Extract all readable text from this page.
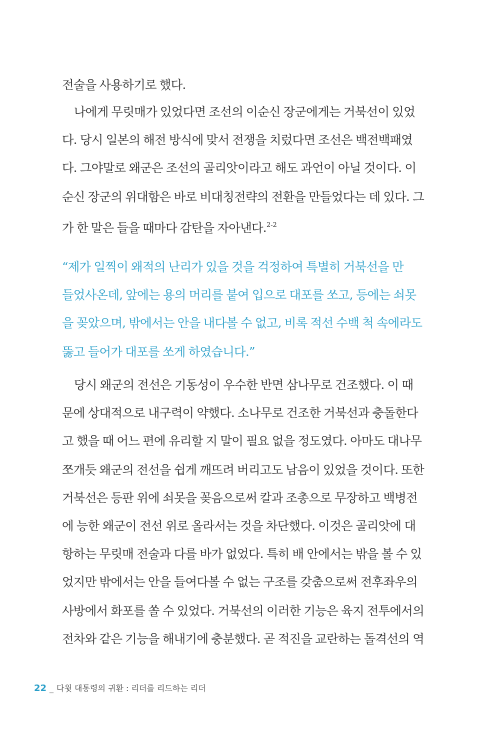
전술을 사용하기로 했다.
나에게 무릿매가 있었다면 조선의 이순신 장군에게는 거북선이 있었
다. 당시 일본의 해전 방식에 맞서 전쟁을 치렀다면 조선은 백전백패였
다. 그야말로 왜군은 조선의 골리앗이라고 해도 과언이 아닐 것이다. 이
순신 장군의 위대함은 바로 비대칭전략의 전환을 만들었다는 데 있다. 그
가 한 말은 들을 때마다 감탄을 자아낸다.$^{2-2}$
“제가 일찍이 왜적의 난리가 있을 것을 걱정하여 특별히 거북선을 만
들었사온데, 앞에는 용의 머리를 붙여 입으로 대포를 쏘고, 등에는 쇠못
을 꽂았으며, 밖에서는 안을 내다볼 수 없고, 비록 적선 수백 척 속에라도
뚫고 들어가 대포를 쏘게 하였습니다.”
당시 왜군의 전선은 기동성이 우수한 반면 삼나무로 건조했다. 이 때
문에 상대적으로 내구력이 약했다. 소나무로 건조한 거북선과 충돌한다
고 했을 때 어느 편에 유리할 지 말이 필요 없을 정도였다. 아마도 대나무
쪼개듯 왜군의 전선을 쉽게 깨뜨려 버리고도 남음이 있었을 것이다. 또한
거북선은 등판 위에 쇠못을 꽂음으로써 칼과 조총으로 무장하고 백병전
에 능한 왜군이 전선 위로 올라서는 것을 차단했다. 이것은 골리앗에 대
항하는 무릿매 전술과 다를 바가 없었다. 특히 배 안에서는 밖을 볼 수 있
었지만 밖에서는 안을 들여다볼 수 없는 구조를 갖춤으로써 전후좌우의
사방에서 화포를 쏠 수 있었다. 거북선의 이러한 기능은 육지 전투에서의
전차와 같은 기능을 해내기에 충분했다. 곧 적진을 교란하는 돌격선의 역
22 _ 다윗 대통령의 귀환 : 리더를 리드하는 리더
